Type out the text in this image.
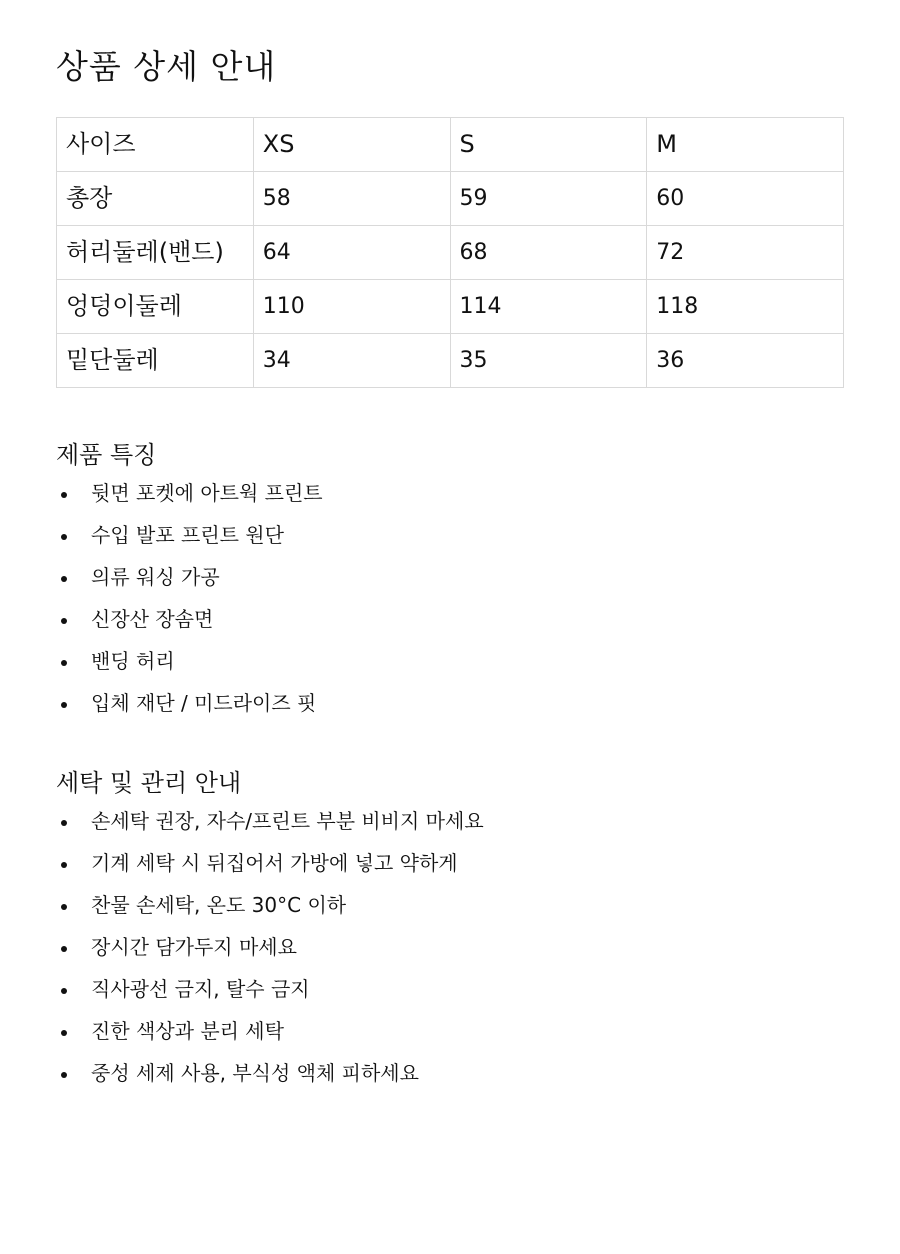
상품 상세 안내
사이즈	XS	S	M
총장	58	59	60
허리둘레(밴드)	64	68	72
엉덩이둘레	110	114	118
밑단둘레	34	35	36
제품 특징
뒷면 포켓에 아트웍 프린트
수입 발포 프린트 원단
의류 워싱 가공
신장산 장솜면
밴딩 허리
입체 재단 / 미드라이즈 핏
세탁 및 관리 안내
손세탁 권장, 자수/프린트 부분 비비지 마세요
기계 세탁 시 뒤집어서 가방에 넣고 약하게
찬물 손세탁, 온도 30°C 이하
장시간 담가두지 마세요
직사광선 금지, 탈수 금지
진한 색상과 분리 세탁
중성 세제 사용, 부식성 액체 피하세요
